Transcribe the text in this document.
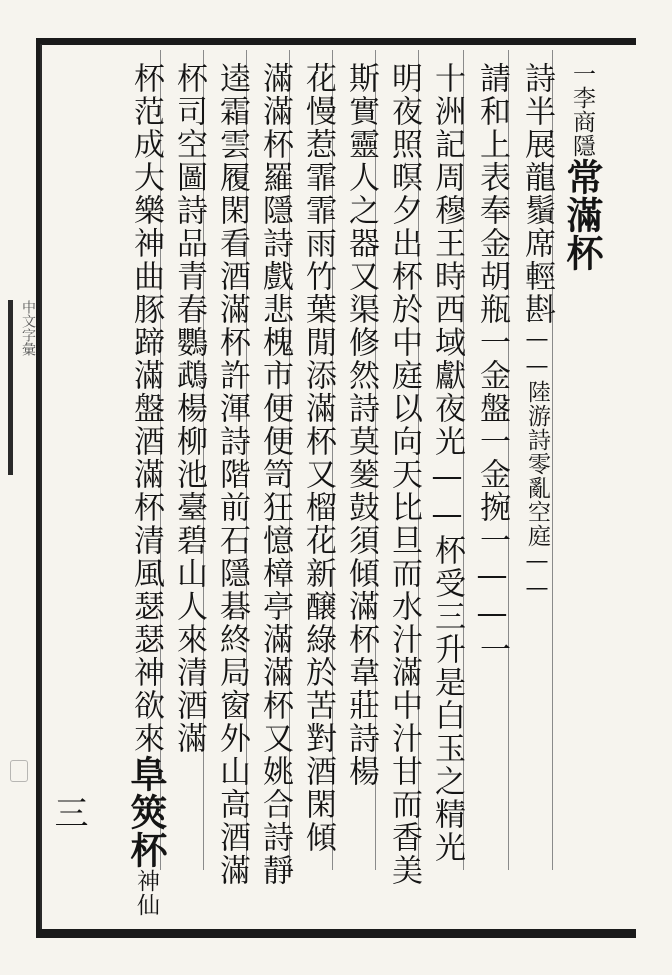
中文字彙
一李商隱常滿杯
詩半展龍鬚席輕斟——陸游詩零亂空庭——
請和上表奉金胡瓶一金盤一金捥一——一
十洲記周穆王時西域獻夜光——杯受三升是白玉之精光
明夜照暝夕出杯於中庭以向天比旦而水汁滿中汁甘而香美
斯實靈人之器又渠修然詩莫蓌鼓須傾滿杯韋莊詩楊
花慢惹霏霏雨竹葉閒添滿杯又榴花新醸綠於苦對酒閑傾
滿滿杯羅隱詩戲悲槐市便便笥狂憶樟亭滿滿杯又姚合詩靜
逵霜雲履閑看酒滿杯許渾詩階前石隱碁終局窗外山高酒滿
杯司空圖詩品青春鸚鵡楊柳池臺碧山人來清酒滿
杯范成大樂神曲豚蹄滿盤酒滿杯清風瑟瑟神欲來阜筴杯神仙
三
